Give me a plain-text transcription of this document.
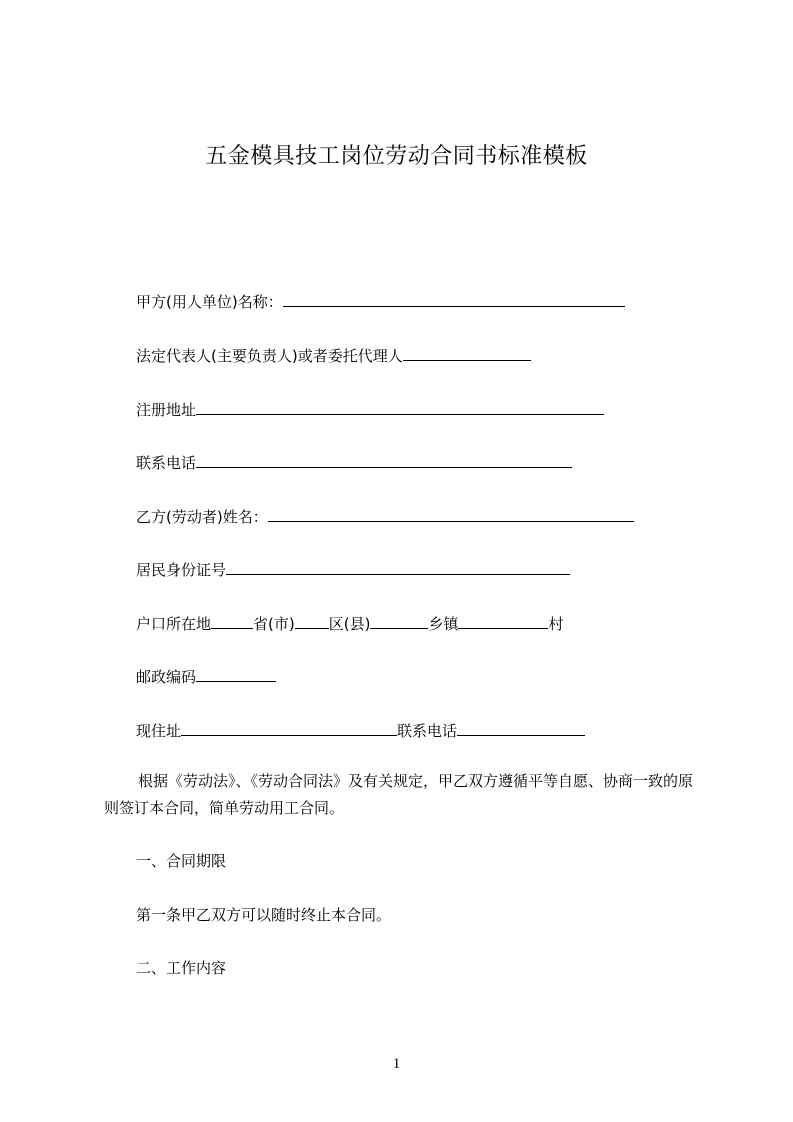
五金模具技工岗位劳动合同书标准模板
甲方(用人单位)名称：
法定代表人(主要负责人)或者委托代理人
注册地址
联系电话
乙方(劳动者)姓名：
居民身份证号
户口所在地	省(市) 区(县)	乡镇	村
邮政编码
现住址	联系电话
根据《劳动法》、《劳动合同法》及有关规定，甲乙双方遵循平等自愿、协商一致的原则签订本合同，简单劳动用工合同。
一、合同期限
第一条甲乙双方可以随时终止本合同。
二、工作内容
1
